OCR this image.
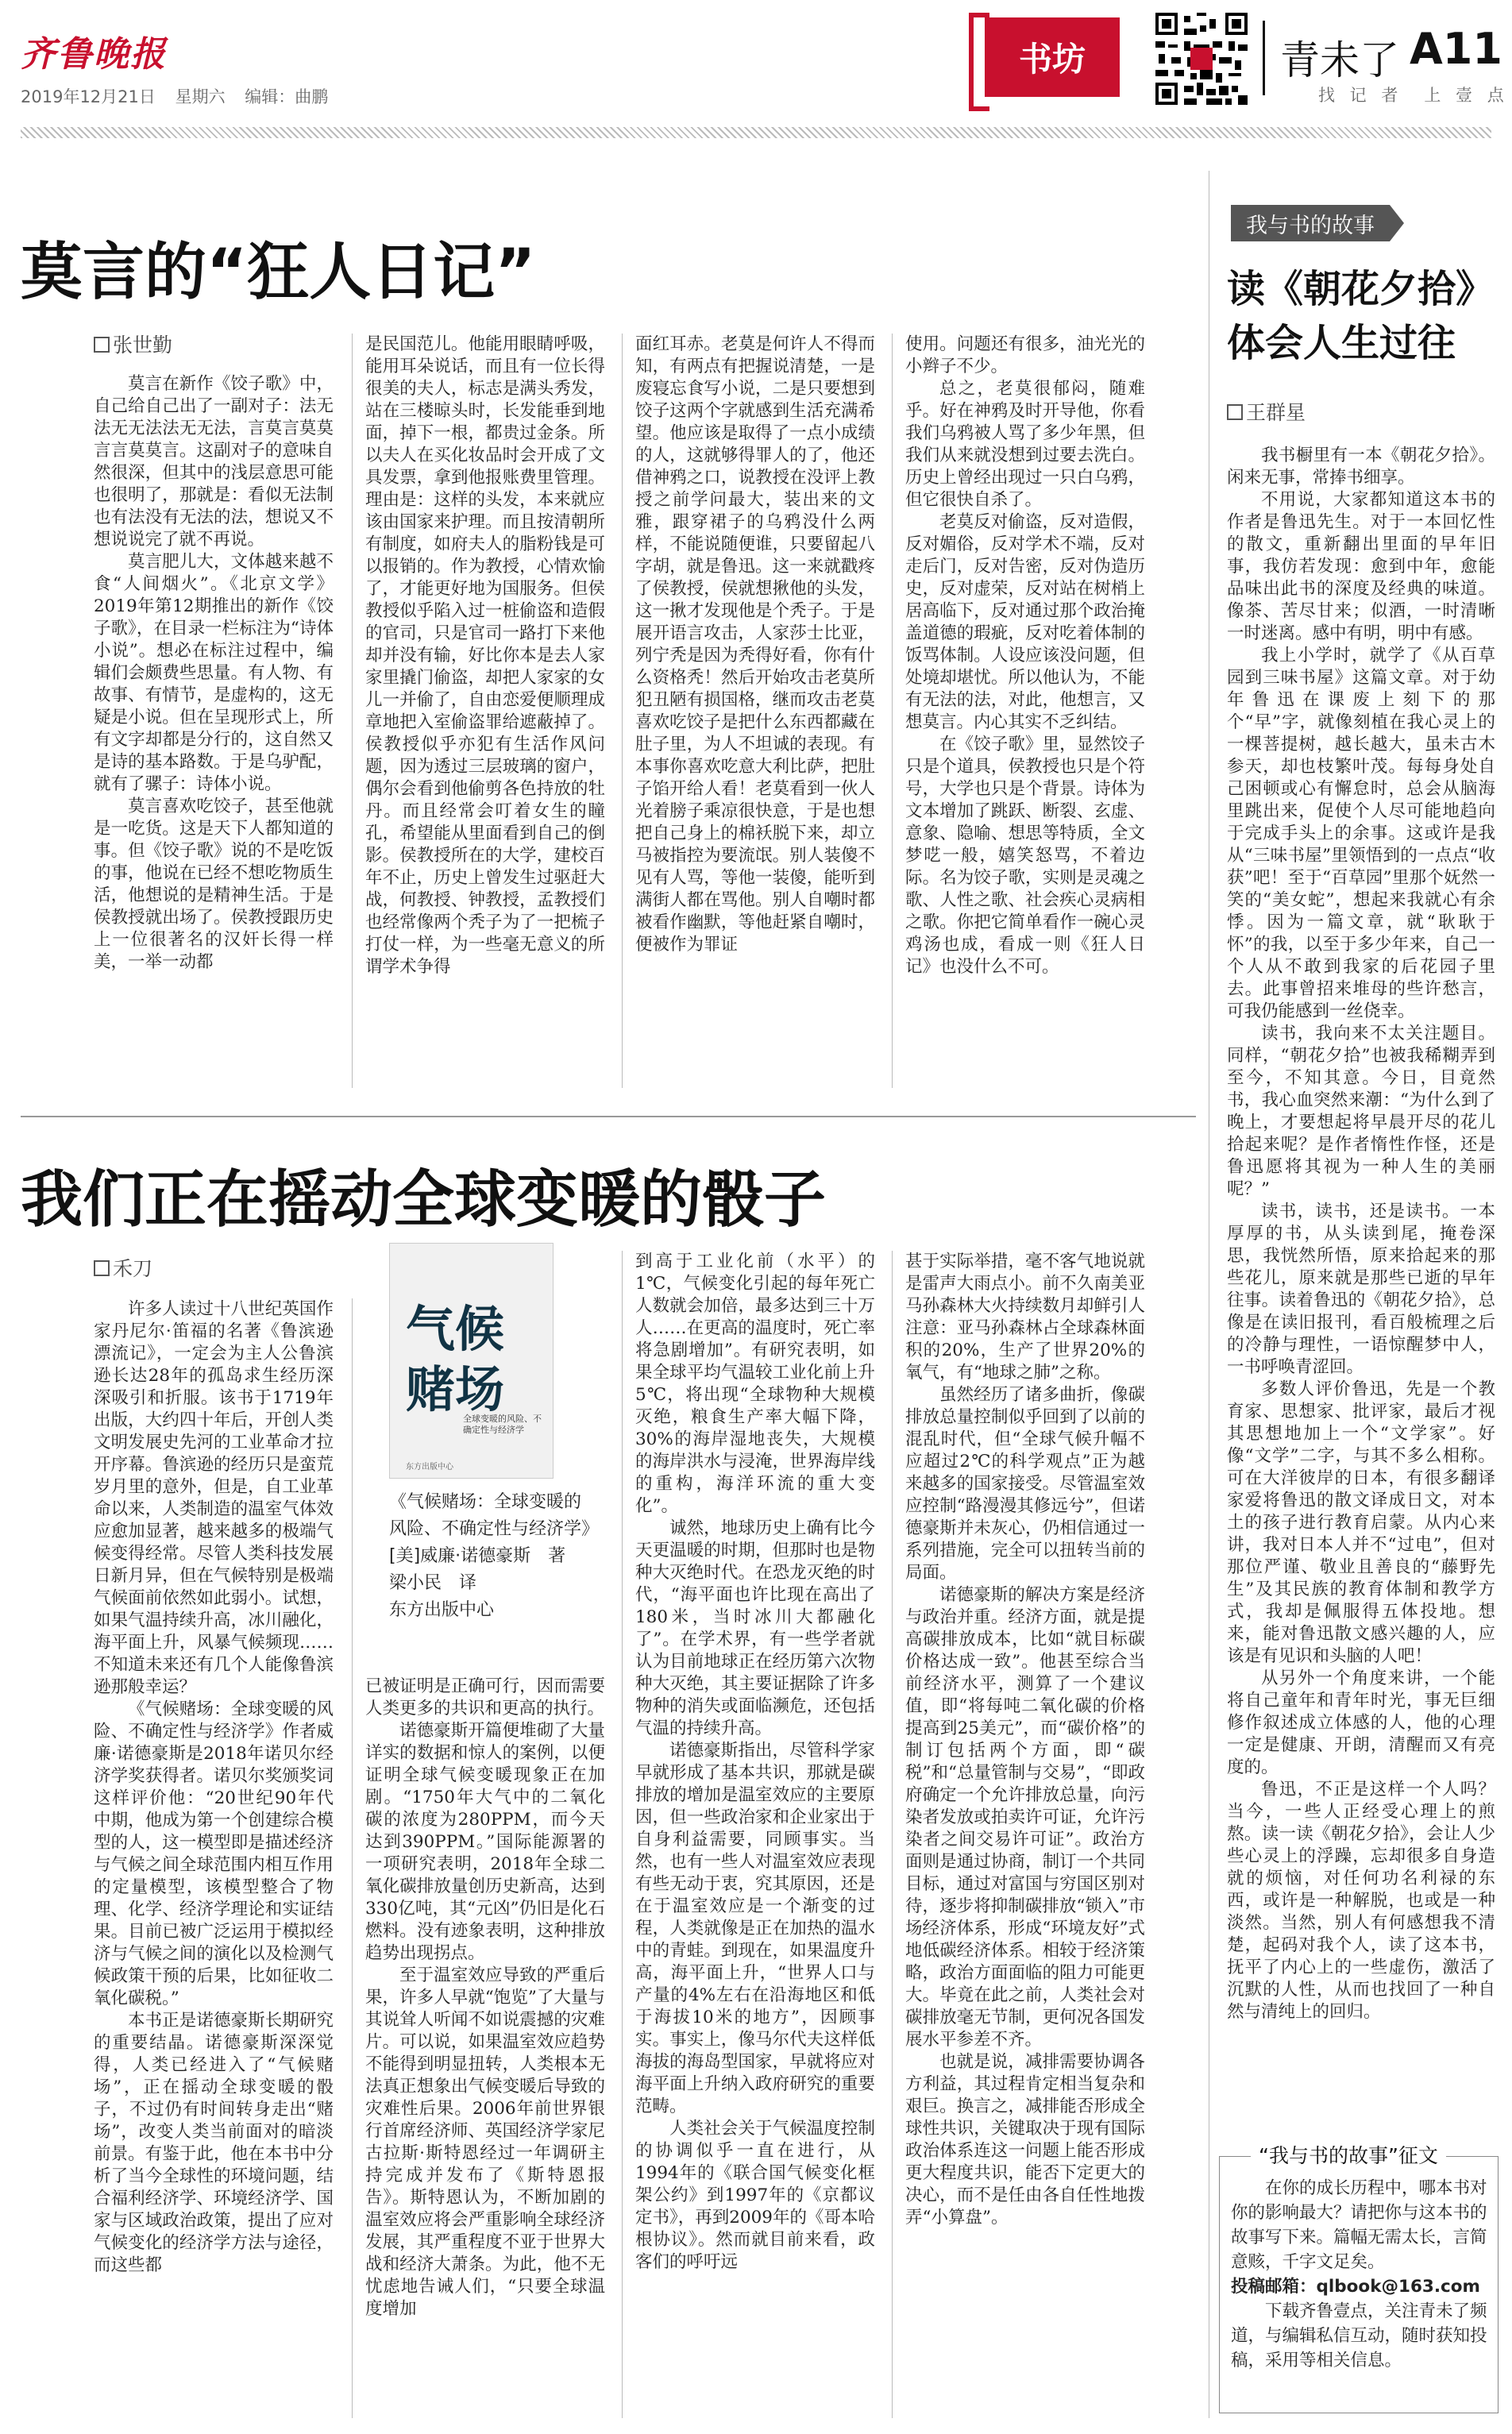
齐鲁晚报
2019年12月21日 星期六 编辑：曲鹏
书坊	青未了 A11
找 记 者　上 壹 点
莫言的“狂人日记”
张世勤

莫言在新作《饺子歌》中，自己给自己出了一副对子：法无法无无法法无无法，言莫言莫莫言言莫莫言。这副对子的意味自然很深，但其中的浅层意思可能也很明了，那就是：看似无法制也有法没有无法的法，想说又不想说说完了就不再说。

莫言肥儿大，文体越来越不食“人间烟火”。《北京文学》2019年第12期推出的新作《饺子歌》，在目录一栏标注为“诗体小说”。想必在标注过程中，编辑们会颇费些思量。有人物、有故事、有情节，是虚构的，这无疑是小说。但在呈现形式上，所有文字却都是分行的，这自然又是诗的基本路数。于是乌驴配，就有了骡子：诗体小说。

莫言喜欢吃饺子，甚至他就是一吃货。这是天下人都知道的事。但《饺子歌》说的不是吃饭的事，他说在已经不想吃物质生活，他想说的是精神生活。于是侯教授就出场了。侯教授跟历史上一位很著名的汉奸长得一样美，一举一动都

是民国范儿。他能用眼睛呼吸，能用耳朵说话，而且有一位长得很美的夫人，标志是满头秀发，站在三楼晾头时，长发能垂到地面，掉下一根，都贵过金条。所以夫人在买化妆品时会开成了文具发票，拿到他报账费里管理。理由是：这样的头发，本来就应该由国家来护理。而且按清朝所有制度，如府夫人的脂粉钱是可以报销的。作为教授，心情欢愉了，才能更好地为国服务。但侯教授似乎陷入过一桩偷盗和造假的官司，只是官司一路打下来他却并没有输，好比你本是去人家家里撬门偷盗，却把人家家的女儿一并偷了，自由恋爱便顺理成章地把入室偷盗罪给遮蔽掉了。侯教授似乎亦犯有生活作风问题，因为透过三层玻璃的窗户，偶尔会看到他偷剪各色持放的牡丹。而且经常会叮着女生的瞳孔，希望能从里面看到自己的倒影。侯教授所在的大学，建校百年不止，历史上曾发生过驱赶大战，何教授、钟教授，孟教授们也经常像两个秃子为了一把梳子打仗一样，为一些毫无意义的所谓学术争得

面红耳赤。老莫是何许人不得而知，有两点有把握说清楚，一是废寝忘食写小说，二是只要想到饺子这两个字就感到生活充满希望。他应该是取得了一点小成绩的人，这就够得罪人的了，他还借神鸦之口，说教授在没评上教授之前学问最大，装出来的文雅，跟穿裙子的乌鸦没什么两样，不能说随便谁，只要留起八字胡，就是鲁迅。这一来就戳疼了侯教授，侯就想揪他的头发，这一揪才发现他是个秃子。于是展开语言攻击，人家莎士比亚，列宁秃是因为秃得好看，你有什么资格秃！然后开始攻击老莫所犯丑陋有损国格，继而攻击老莫喜欢吃饺子是把什么东西都藏在肚子里，为人不坦诚的表现。有本事你喜欢吃意大利比萨，把肚子馅开给人看！老莫看到一伙人光着膀子乘凉很快意，于是也想把自己身上的棉袄脱下来，却立马被指控为要流氓。别人装傻不见有人骂，等他一装傻，能听到满街人都在骂他。别人自嘲时都被看作幽默，等他赶紧自嘲时，便被作为罪证

使用。问题还有很多，油光光的小辫子不少。

总之，老莫很郁闷，随难乎。好在神鸦及时开导他，你看我们乌鸦被人骂了多少年黑，但我们从来就没想到过要去洗白。历史上曾经出现过一只白乌鸦，但它很快自杀了。

老莫反对偷盗，反对造假，反对媚俗，反对学术不端，反对走后门，反对告密，反对伪造历史，反对虚荣，反对站在树梢上居高临下，反对通过那个政治掩盖道德的瑕疵，反对吃着体制的饭骂体制。人设应该没问题，但处境却堪忧。所以他认为，不能有无法的法，对此，他想言，又想莫言。内心其实不乏纠结。

在《饺子歌》里，显然饺子只是个道具，侯教授也只是个符号，大学也只是个背景。诗体为文本增加了跳跃、断裂、玄虚、意象、隐喻、想思等特质，全文梦呓一般，嬉笑怒骂，不着边际。名为饺子歌，实则是灵魂之歌、人性之歌、社会疾心灵病相之歌。你把它简单看作一碗心灵鸡汤也成，看成一则《狂人日记》也没什么不可。

我们正在摇动全球变暖的骰子
禾刀
气候赌场
全球变暖的风险、不确定性与经济学
东方出版中心
《气候赌场：全球变暖的风险、不确定性与经济学》
[美]威廉·诺德豪斯　著
梁小民　译
东方出版中心

许多人读过十八世纪英国作家丹尼尔·笛福的名著《鲁滨逊漂流记》，一定会为主人公鲁滨逊长达28年的孤岛求生经历深深吸引和折服。该书于1719年出版，大约四十年后，开创人类文明发展史先河的工业革命才拉开序幕。鲁滨逊的经历只是蛮荒岁月里的意外，但是，自工业革命以来，人类制造的温室气体效应愈加显著，越来越多的极端气候变得经常。尽管人类科技发展日新月异，但在气候特别是极端气候面前依然如此弱小。试想，如果气温持续升高，冰川融化，海平面上升，风暴气候频现……不知道未来还有几个人能像鲁滨逊那般幸运？

《气候赌场：全球变暖的风险、不确定性与经济学》作者威廉·诺德豪斯是2018年诺贝尔经济学奖获得者。诺贝尔奖颁奖词这样评价他：“20世纪90年代中期，他成为第一个创建综合模型的人，这一模型即是描述经济与气候之间全球范围内相互作用的定量模型，该模型整合了物理、化学、经济学理论和实证结果。目前已被广泛运用于模拟经济与气候之间的演化以及检测气候政策干预的后果，比如征收二氧化碳税。”

本书正是诺德豪斯长期研究的重要结晶。诺德豪斯深深觉得，人类已经进入了“气候赌场”，正在摇动全球变暖的骰子，不过仍有时间转身走出“赌场”，改变人类当前面对的暗淡前景。有鉴于此，他在本书中分析了当今全球性的环境问题，结合福利经济学、环境经济学、国家与区域政治政策，提出了应对气候变化的经济学方法与途径，而这些都

已被证明是正确可行，因而需要人类更多的共识和更高的执行。

诺德豪斯开篇便堆砌了大量详实的数据和惊人的案例，以便证明全球气候变暖现象正在加剧。“1750年大气中的二氧化碳的浓度为280PPM，而今天达到390PPM。”国际能源署的一项研究表明，2018年全球二氧化碳排放量创历史新高，达到330亿吨，其“元凶”仍旧是化石燃料。没有迹象表明，这种排放趋势出现拐点。

至于温室效应导致的严重后果，许多人早就“饱览”了大量与其说耸人听闻不如说震撼的灾难片。可以说，如果温室效应趋势不能得到明显扭转，人类根本无法真正想象出气候变暖后导致的灾难性后果。2006年前世界银行首席经济师、英国经济学家尼古拉斯·斯特恩经过一年调研主持完成并发布了《斯特恩报告》。斯特恩认为，不断加剧的温室效应将会严重影响全球经济发展，其严重程度不亚于世界大战和经济大萧条。为此，他不无忧虑地告诫人们，“只要全球温度增加

到高于工业化前（水平）的1℃，气候变化引起的每年死亡人数就会加倍，最多达到三十万人……在更高的温度时，死亡率将急剧增加”。有研究表明，如果全球平均气温较工业化前上升5℃，将出现“全球物种大规模灭绝，粮食生产率大幅下降，30%的海岸湿地丧失，大规模的海岸洪水与浸淹，世界海岸线的重构，海洋环流的重大变化”。

诚然，地球历史上确有比今天更温暖的时期，但那时也是物种大灭绝时代。在恐龙灭绝的时代，“海平面也许比现在高出了180米，当时冰川大都融化了”。在学术界，有一些学者就认为目前地球正在经历第六次物种大灭绝，其主要证据除了许多物种的消失或面临濒危，还包括气温的持续升高。

诺德豪斯指出，尽管科学家早就形成了基本共识，那就是碳排放的增加是温室效应的主要原因，但一些政治家和企业家出于自身利益需要，同顾事实。当然，也有一些人对温室效应表现有些无动于衷，究其原因，还是在于温室效应是一个渐变的过程，人类就像是正在加热的温水中的青蛙。到现在，如果温度升高，海平面上升，“世界人口与产量的4%左右在沿海地区和低于海拔10米的地方”，因顾事实。事实上，像马尔代夫这样低海拔的海岛型国家，早就将应对海平面上升纳入政府研究的重要范畴。

人类社会关于气候温度控制的协调似乎一直在进行，从1994年的《联合国气候变化框架公约》到1997年的《京都议定书》，再到2009年的《哥本哈根协议》。然而就目前来看，政客们的呼吁远

甚于实际举措，毫不客气地说就是雷声大雨点小。前不久南美亚马孙森林大火持续数月却鲜引人注意：亚马孙森林占全球森林面积的20%，生产了世界20%的氧气，有“地球之肺”之称。

虽然经历了诸多曲折，像碳排放总量控制似乎回到了以前的混乱时代，但“全球气候升幅不应超过2℃的科学观点”正为越来越多的国家接受。尽管温室效应控制“路漫漫其修远兮”，但诺德豪斯并未灰心，仍相信通过一系列措施，完全可以扭转当前的局面。

诺德豪斯的解决方案是经济与政治并重。经济方面，就是提高碳排放成本，比如“就目标碳价格达成一致”。他甚至综合当前经济水平，测算了一个建议值，即“将每吨二氧化碳的价格提高到25美元”，而“碳价格”的制订包括两个方面，即“碳税”和“总量管制与交易”，“即政府确定一个允许排放总量，向污染者发放或拍卖许可证，允许污染者之间交易许可证”。政治方面则是通过协商，制订一个共同目标，通过对富国与穷国区别对待，逐步将抑制碳排放“锁入”市场经济体系，形成“环境友好”式地低碳经济体系。相较于经济策略，政治方面面临的阻力可能更大。毕竟在此之前，人类社会对碳排放毫无节制，更何况各国发展水平参差不齐。

也就是说，减排需要协调各方利益，其过程肯定相当复杂和艰巨。换言之，减排能否形成全球性共识，关键取决于现有国际政治体系连这一问题上能否形成更大程度共识，能否下定更大的决心，而不是任由各自任性地拨弄“小算盘”。

我与书的故事
读《朝花夕拾》
体会人生过往
王群星

我书橱里有一本《朝花夕拾》。闲来无事，常捧书细享。

不用说，大家都知道这本书的作者是鲁迅先生。对于一本回忆性的散文，重新翻出里面的早年旧事，我仿若发现：愈到中年，愈能品味出此书的深度及经典的味道。像茶、苦尽甘来；似酒，一时清晰一时迷离。感中有明，明中有感。

我上小学时，就学了《从百草园到三味书屋》这篇文章。对于幼年鲁迅在课废上刻下的那个“早”字，就像刻植在我心灵上的一棵菩提树，越长越大，虽未古木参天，却也枝繁叶茂。每每身处自己困顿或心有懈怠时，总会从脑海里跳出来，促使个人尽可能地趋向于完成手头上的余事。这或许是我从“三味书屋”里领悟到的一点点“收获”吧！至于“百草园”里那个妩然一笑的“美女蛇”，想起来我就心有余悸。因为一篇文章，就“耿耿于怀”的我，以至于多少年来，自己一个人从不敢到我家的后花园子里去。此事曾招来堆母的些许愁言，可我仍能感到一丝侥幸。

读书，我向来不太关注题目。同样，“朝花夕拾”也被我稀糊弄到至今，不知其意。今日，目竟然书，我心血突然来潮：“为什么到了晚上，才要想起将早晨开尽的花儿拾起来呢？是作者惰性作怪，还是鲁迅愿将其视为一种人生的美丽呢？”

读书，读书，还是读书。一本厚厚的书，从头读到尾，掩卷深思，我恍然所悟，原来拾起来的那些花儿，原来就是那些已逝的早年往事。读着鲁迅的《朝花夕拾》，总像是在读旧报刊，看百般梳理之后的冷静与理性，一语惊醒梦中人，一书呼唤青涩回。

多数人评价鲁迅，先是一个教育家、思想家、批评家，最后才视其思想地加上一个“文学家”。好像“文学”二字，与其不多么相称。可在大洋彼岸的日本，有很多翻译家爱将鲁迅的散文译成日文，对本土的孩子进行教育启蒙。从内心来讲，我对日本人并不“过电”，但对那位严谨、敬业且善良的“藤野先生”及其民族的教育体制和教学方式，我却是佩服得五体投地。想来，能对鲁迅散文感兴趣的人，应该是有见识和头脑的人吧！

从另外一个角度来讲，一个能将自己童年和青年时光，事无巨细修作叙述成立体感的人，他的心理一定是健康、开朗，清醒而又有亮度的。

鲁迅，不正是这样一个人吗？当今，一些人正经受心理上的煎熬。读一读《朝花夕拾》，会让人少些心灵上的浮躁，忘却很多自身造就的烦恼，对任何功名利禄的东西，或许是一种解脱，也或是一种淡然。当然，别人有何感想我不清楚，起码对我个人，读了这本书，抚平了内心上的一些虚伤，激活了沉默的人性，从而也找回了一种自然与清纯上的回归。

“我与书的故事”征文

在你的成长历程中，哪本书对你的影响最大？请把你与这本书的故事写下来。篇幅无需太长，言简意赅，千字文足矣。

投稿邮箱：qlbook@163.com

下载齐鲁壹点，关注青未了频道，与编辑私信互动，随时获知投稿，采用等相关信息。
